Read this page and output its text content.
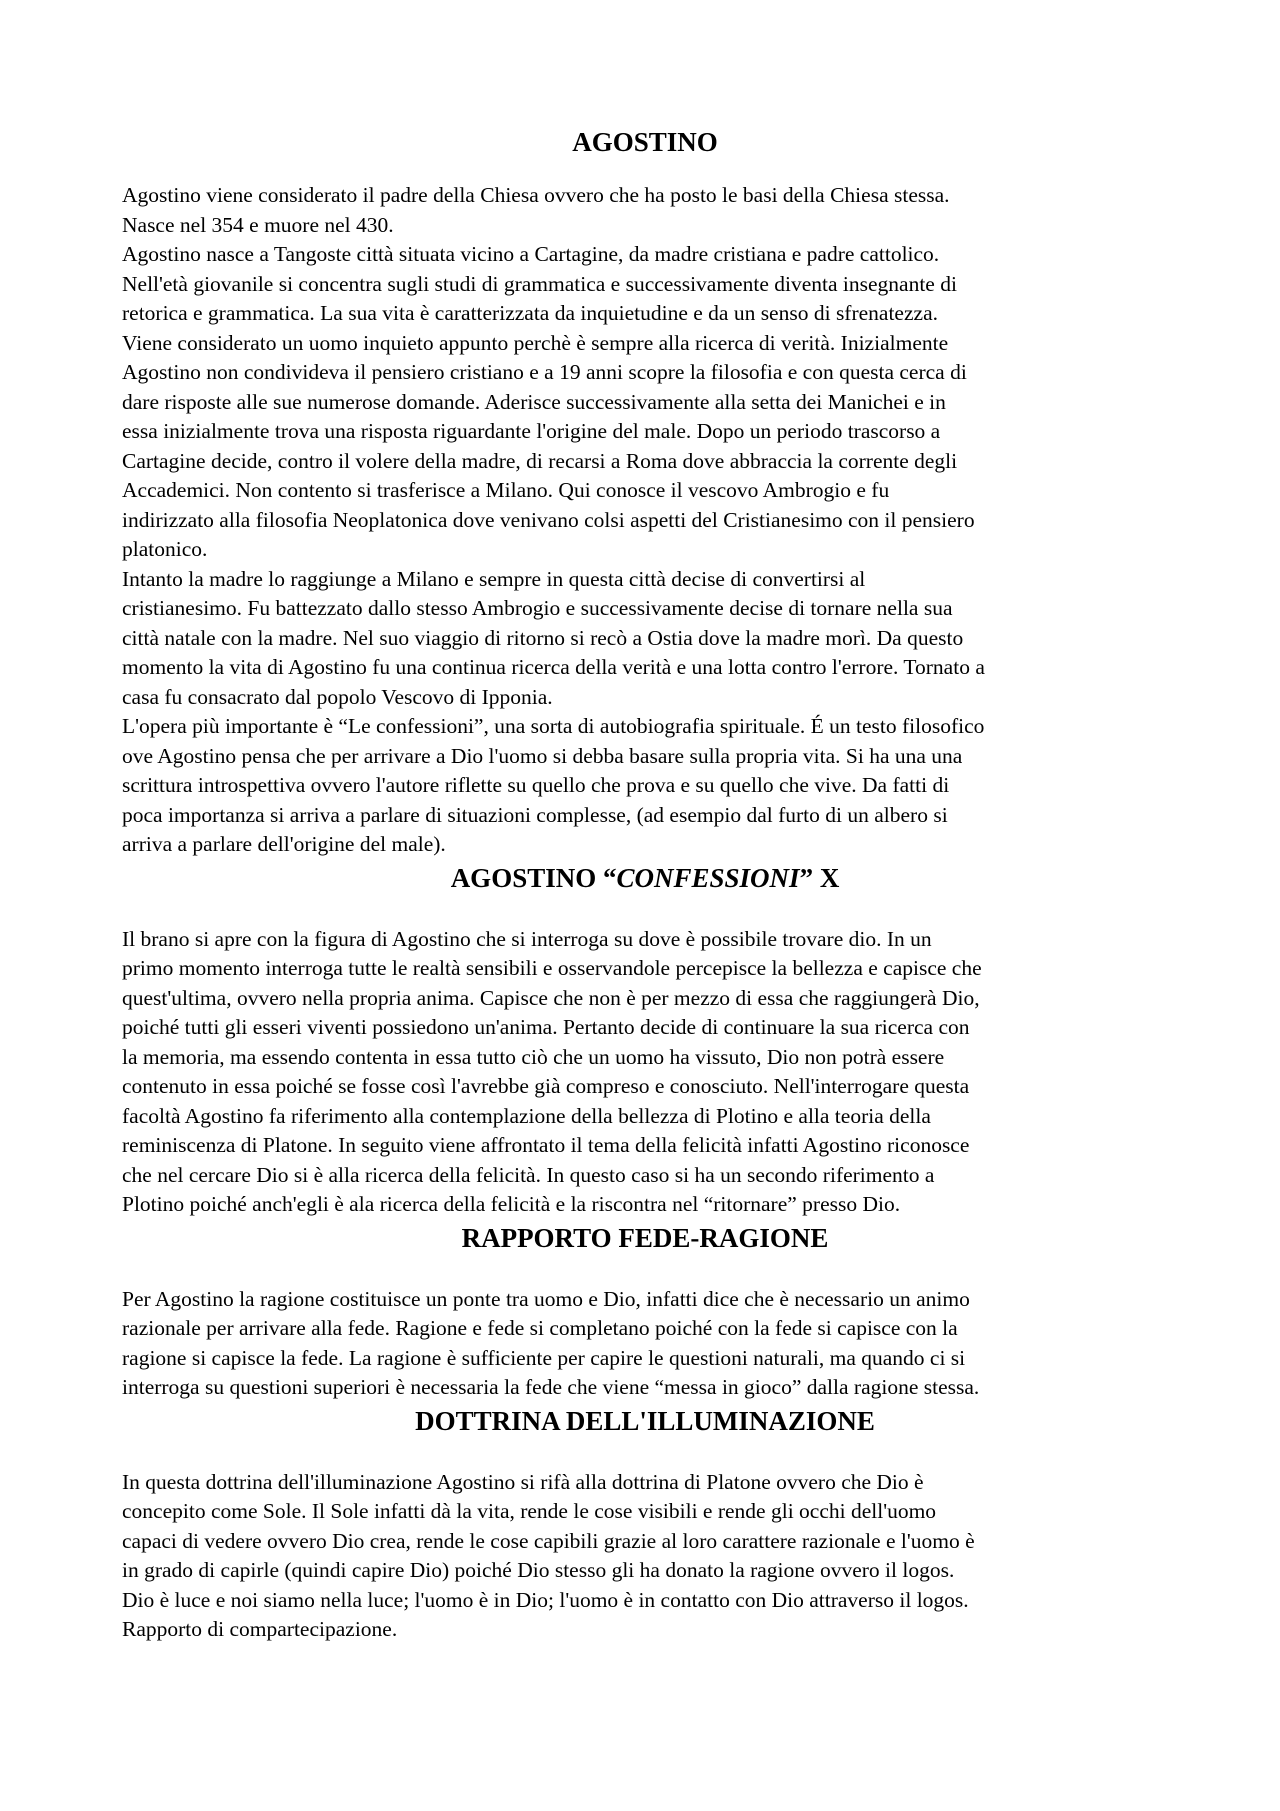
AGOSTINO

Agostino viene considerato il padre della Chiesa ovvero che ha posto le basi della Chiesa stessa.
Nasce nel 354 e muore nel 430.
Agostino nasce a Tangoste città situata vicino a Cartagine, da madre cristiana e padre cattolico.
Nell'età giovanile si concentra sugli studi di grammatica e successivamente diventa insegnante di
retorica e grammatica. La sua vita è caratterizzata da inquietudine e da un senso di sfrenatezza.
Viene considerato un uomo inquieto appunto perchè è sempre alla ricerca di verità. Inizialmente
Agostino non condivideva il pensiero cristiano e a 19 anni scopre la filosofia e con questa cerca di
dare risposte alle sue numerose domande. Aderisce successivamente alla setta dei Manichei e in
essa inizialmente trova una risposta riguardante l'origine del male. Dopo un periodo trascorso a
Cartagine decide, contro il volere della madre, di recarsi a Roma dove abbraccia la corrente degli
Accademici. Non contento si trasferisce a Milano. Qui conosce il vescovo Ambrogio e fu
indirizzato alla filosofia Neoplatonica dove venivano colsi aspetti del Cristianesimo con il pensiero
platonico.
Intanto la madre lo raggiunge a Milano e sempre in questa città decise di convertirsi al
cristianesimo. Fu battezzato dallo stesso Ambrogio e successivamente decise di tornare nella sua
città natale con la madre. Nel suo viaggio di ritorno si recò a Ostia dove la madre morì. Da questo
momento la vita di Agostino fu una continua ricerca della verità e una lotta contro l'errore. Tornato a
casa fu consacrato dal popolo Vescovo di Ipponia.
L'opera più importante è “Le confessioni”, una sorta di autobiografia spirituale. É un testo filosofico
ove Agostino pensa che per arrivare a Dio l'uomo si debba basare sulla propria vita. Si ha una una
scrittura introspettiva ovvero l'autore riflette su quello che prova e su quello che vive. Da fatti di
poca importanza si arriva a parlare di situazioni complesse, (ad esempio dal furto di un albero si
arriva a parlare dell'origine del male).

AGOSTINO “CONFESSIONI” X

Il brano si apre con la figura di Agostino che si interroga su dove è possibile trovare dio. In un
primo momento interroga tutte le realtà sensibili e osservandole percepisce la bellezza e capisce che
quest'ultima, ovvero nella propria anima. Capisce che non è per mezzo di essa che raggiungerà Dio,
poiché tutti gli esseri viventi possiedono un'anima. Pertanto decide di continuare la sua ricerca con
la memoria, ma essendo contenta in essa tutto ciò che un uomo ha vissuto, Dio non potrà essere
contenuto in essa poiché se fosse così l'avrebbe già compreso e conosciuto. Nell'interrogare questa
facoltà Agostino fa riferimento alla contemplazione della bellezza di Plotino e alla teoria della
reminiscenza di Platone. In seguito viene affrontato il tema della felicità infatti Agostino riconosce
che nel cercare Dio si è alla ricerca della felicità. In questo caso si ha un secondo riferimento a
Plotino poiché anch'egli è ala ricerca della felicità e la riscontra nel “ritornare” presso Dio.

RAPPORTO FEDE-RAGIONE

Per Agostino la ragione costituisce un ponte tra uomo e Dio, infatti dice che è necessario un animo
razionale per arrivare alla fede. Ragione e fede si completano poiché con la fede si capisce con la
ragione si capisce la fede. La ragione è sufficiente per capire le questioni naturali, ma quando ci si
interroga su questioni superiori è necessaria la fede che viene “messa in gioco” dalla ragione stessa.

DOTTRINA DELL'ILLUMINAZIONE

In questa dottrina dell'illuminazione Agostino si rifà alla dottrina di Platone ovvero che Dio è
concepito come Sole. Il Sole infatti dà la vita, rende le cose visibili e rende gli occhi dell'uomo
capaci di vedere ovvero Dio crea, rende le cose capibili grazie al loro carattere razionale e l'uomo è
in grado di capirle (quindi capire Dio) poiché Dio stesso gli ha donato la ragione ovvero il logos.
Dio è luce e noi siamo nella luce; l'uomo è in Dio; l'uomo è in contatto con Dio attraverso il logos.
Rapporto di compartecipazione.
